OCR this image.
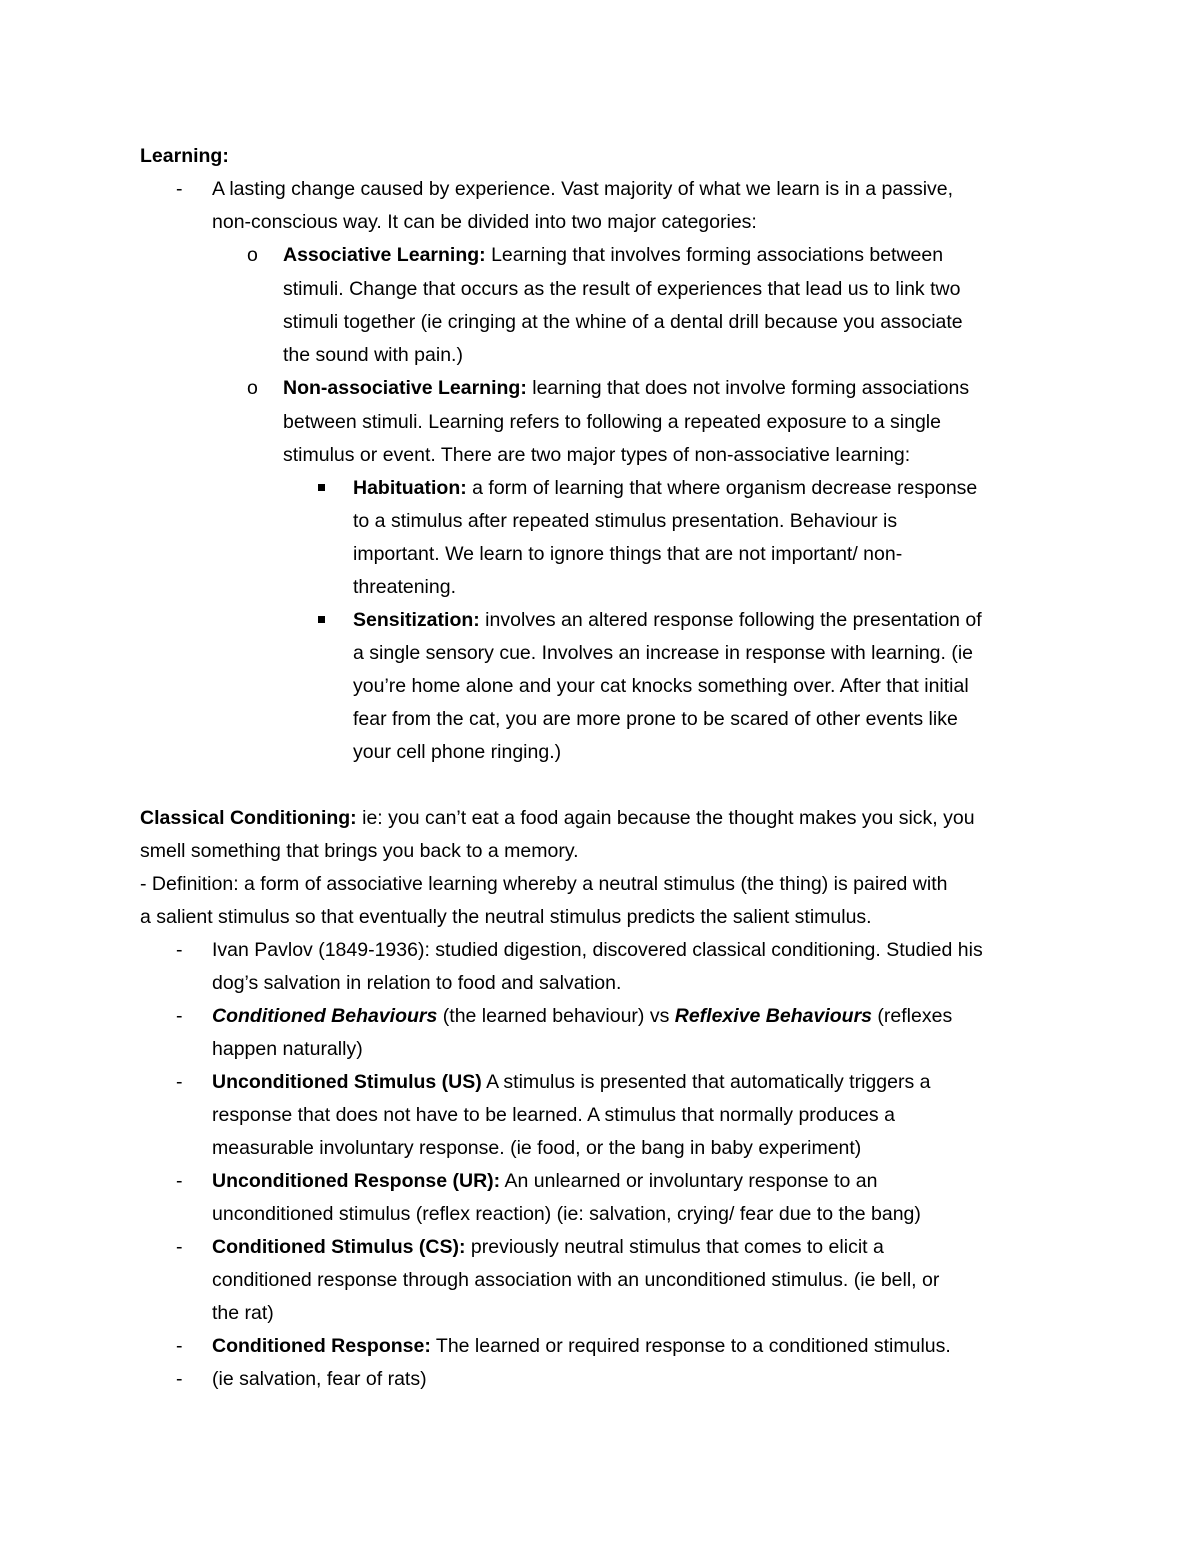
Learning:
- A lasting change caused by experience. Vast majority of what we learn is in a passive,
non-conscious way. It can be divided into two major categories:
o Associative Learning: Learning that involves forming associations between
stimuli. Change that occurs as the result of experiences that lead us to link two
stimuli together (ie cringing at the whine of a dental drill because you associate
the sound with pain.)
o Non-associative Learning: learning that does not involve forming associations
between stimuli. Learning refers to following a repeated exposure to a single
stimulus or event. There are two major types of non-associative learning:
Habituation: a form of learning that where organism decrease response
to a stimulus after repeated stimulus presentation. Behaviour is
important. We learn to ignore things that are not important/ non-
threatening.
Sensitization: involves an altered response following the presentation of
a single sensory cue. Involves an increase in response with learning. (ie
you’re home alone and your cat knocks something over. After that initial
fear from the cat, you are more prone to be scared of other events like
your cell phone ringing.)
Classical Conditioning: ie: you can’t eat a food again because the thought makes you sick, you
smell something that brings you back to a memory.
- Definition: a form of associative learning whereby a neutral stimulus (the thing) is paired with
a salient stimulus so that eventually the neutral stimulus predicts the salient stimulus.
- Ivan Pavlov (1849-1936): studied digestion, discovered classical conditioning. Studied his
dog’s salvation in relation to food and salvation.
- Conditioned Behaviours (the learned behaviour) vs Reflexive Behaviours (reflexes
happen naturally)
- Unconditioned Stimulus (US) A stimulus is presented that automatically triggers a
response that does not have to be learned. A stimulus that normally produces a
measurable involuntary response. (ie food, or the bang in baby experiment)
- Unconditioned Response (UR): An unlearned or involuntary response to an
unconditioned stimulus (reflex reaction) (ie: salvation, crying/ fear due to the bang)
- Conditioned Stimulus (CS): previously neutral stimulus that comes to elicit a
conditioned response through association with an unconditioned stimulus. (ie bell, or
the rat)
- Conditioned Response: The learned or required response to a conditioned stimulus.
- (ie salvation, fear of rats)
